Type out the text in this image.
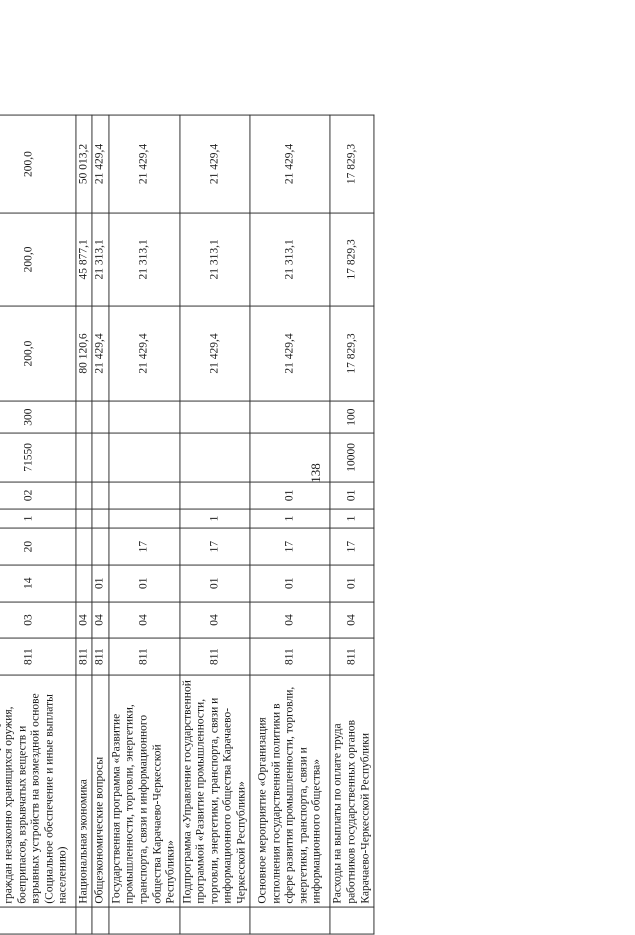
138

	граждан незаконно хранящихся оружия, боеприпасов, взрывчатых веществ и взрывных устройств на возмездной основе (Социальное обеспечение и иные выплаты населению)	811	03	14	20	1	02	71550	300	200,0	200,0	200,0
	Национальная экономика	811	04							80 120,6	45 877,1	50 013,2
	Общеэкономические вопросы	811	04	01						21 429,4	21 313,1	21 429,4
	Государственная программа «Развитие промышленности, торговли, энергетики, транспорта, связи и информационного общества Карачаево-Черкесской Республики»	811	04	01	17					21 429,4	21 313,1	21 429,4
	Подпрограмма «Управление государственной программой «Развитие промышленности, торговли, энергетики, транспорта, связи и информационного общества Карачаево-Черкесской Республики»	811	04	01	17	1				21 429,4	21 313,1	21 429,4
	Основное мероприятие «Организация исполнения государственной политики в сфере развития промышленности, торговли, энергетики, транспорта, связи и информационного общества»	811	04	01	17	1	01			21 429,4	21 313,1	21 429,4
	Расходы на выплаты по оплате труда работников государственных органов Карачаево-Черкесской Республики	811	04	01	17	1	01	10000	100	17 829,3	17 829,3	17 829,3
